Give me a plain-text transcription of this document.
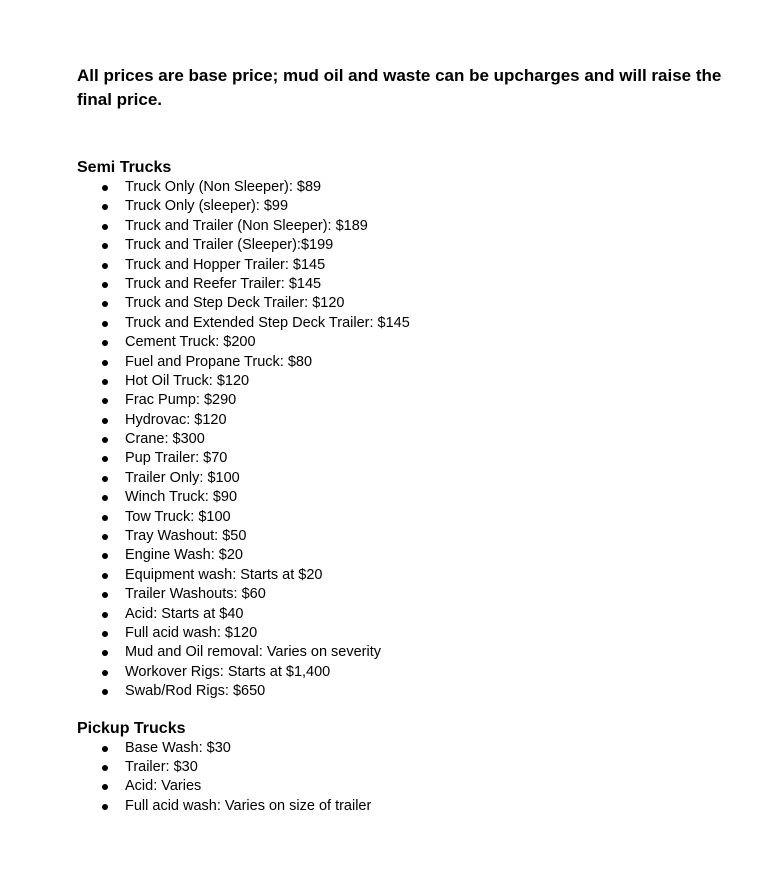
All prices are base price; mud oil and waste can be upcharges and will raise the final price.

Semi Trucks
Truck Only (Non Sleeper): $89
Truck Only (sleeper): $99
Truck and Trailer (Non Sleeper): $189
Truck and Trailer (Sleeper):$199
Truck and Hopper Trailer: $145
Truck and Reefer Trailer: $145
Truck and Step Deck Trailer: $120
Truck and Extended Step Deck Trailer: $145
Cement Truck: $200
Fuel and Propane Truck: $80
Hot Oil Truck: $120
Frac Pump: $290
Hydrovac: $120
Crane: $300
Pup Trailer: $70
Trailer Only: $100
Winch Truck: $90
Tow Truck: $100
Tray Washout: $50
Engine Wash: $20
Equipment wash: Starts at $20
Trailer Washouts: $60
Acid: Starts at $40
Full acid wash: $120
Mud and Oil removal: Varies on severity
Workover Rigs: Starts at $1,400
Swab/Rod Rigs: $650
Pickup Trucks
Base Wash: $30
Trailer: $30
Acid: Varies
Full acid wash: Varies on size of trailer
